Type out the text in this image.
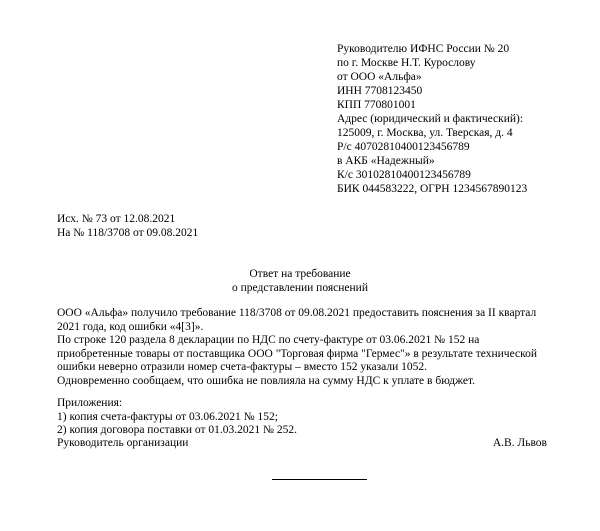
Руководителю ИФНС России № 20
по г. Москве Н.Т. Курослову
от ООО «Альфа»
ИНН 7708123450
КПП 770801001
Адрес (юридический и фактический):
125009, г. Москва, ул. Тверская, д. 4
Р/с 40702810400123456789
в АКБ «Надежный»
К/с 30102810400123456789
БИК 044583222, ОГРН 1234567890123
Исх. № 73 от 12.08.2021
На № 118/3708 от 09.08.2021
Ответ на требование
о представлении пояснений

ООО «Альфа» получило требование 118/3708 от 09.08.2021 предоставить пояснения за II квартал 2021 года, код ошибки «4[3]».

По строке 120 раздела 8 декларации по НДС по счету-фактуре от 03.06.2021 № 152 на приобретенные товары от поставщика ООО "Торговая фирма "Гермес"» в результате технической ошибки неверно отразили номер счета-фактуры – вместо 152 указали 1052.

Одновременно сообщаем, что ошибка не повлияла на сумму НДС к уплате в бюджет.

Приложения:
1) копия счета-фактуры от 03.06.2021 № 152;
2) копия договора поставки от 01.03.2021 № 252.
Руководитель организации	А.В. Львов
